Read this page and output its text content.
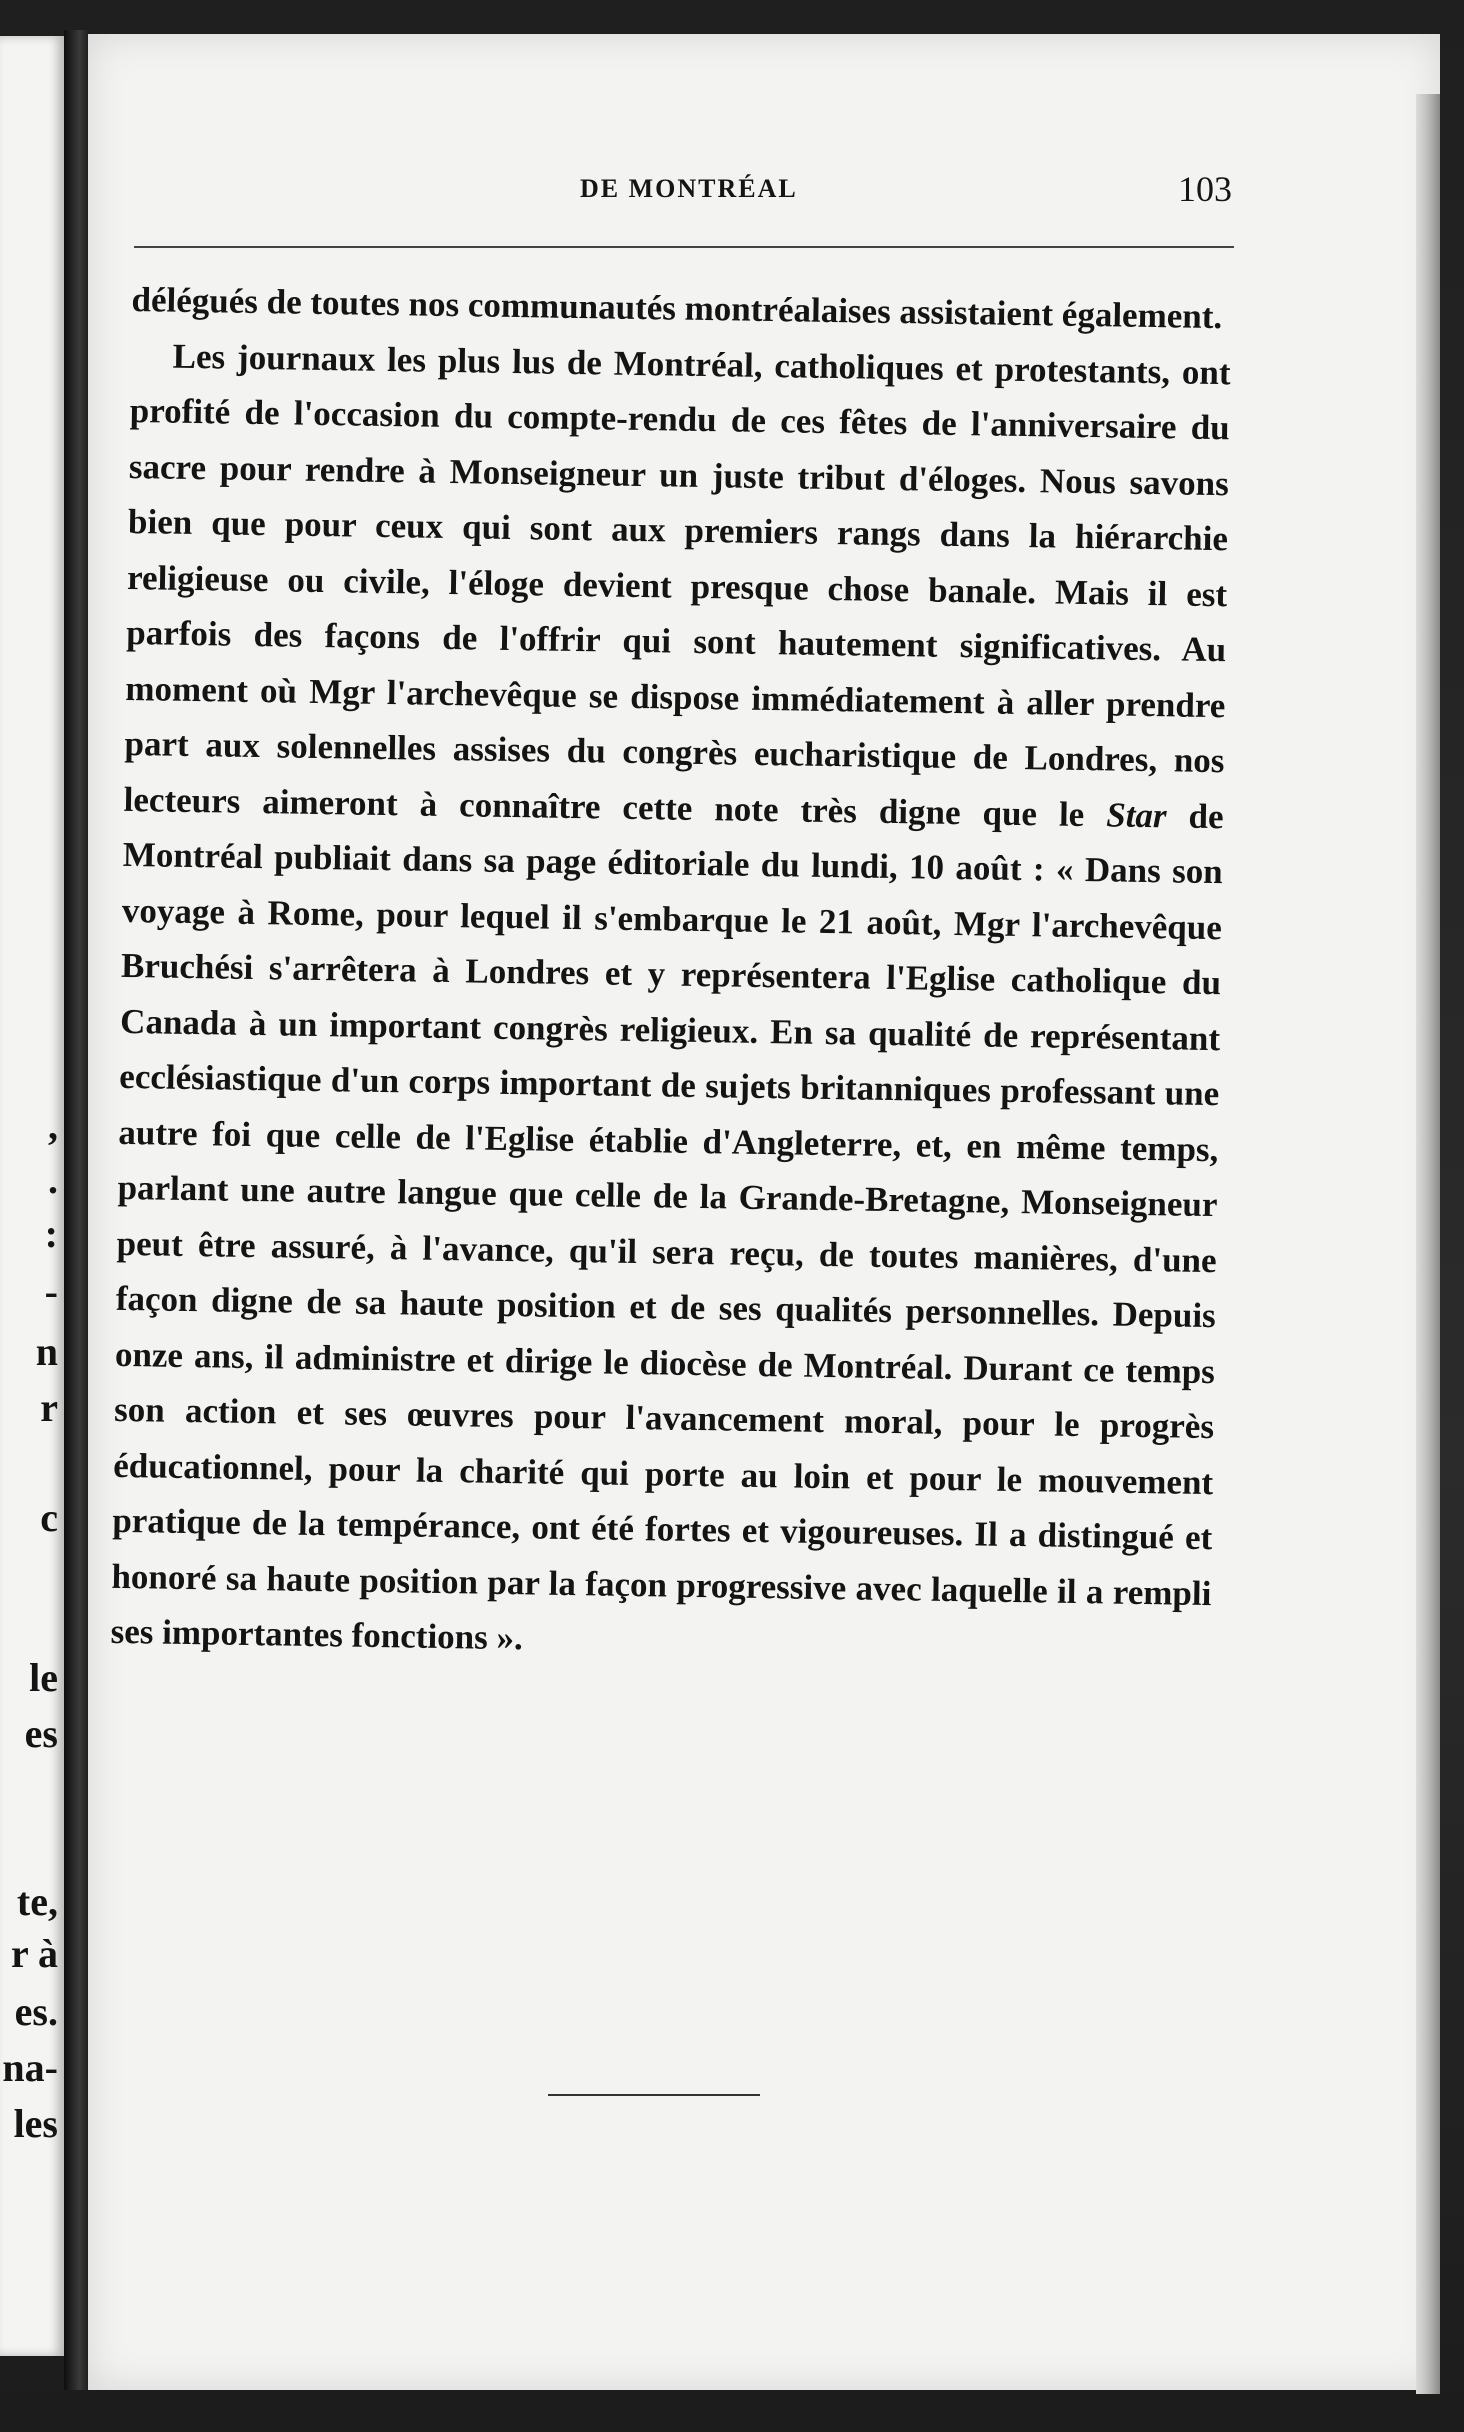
,
.
:
-
n
r
c
le
es
te,
r à
es.
na-
les
DE MONTRÉAL	103

délégués de toutes nos communautés montréalaises assistaient également.

Les journaux les plus lus de Montréal, catholiques et protestants, ont profité de l'occasion du compte-rendu de ces fêtes de l'anniversaire du sacre pour rendre à Monseigneur un juste tribut d'éloges. Nous savons bien que pour ceux qui sont aux premiers rangs dans la hiérarchie religieuse ou civile, l'éloge devient presque chose banale. Mais il est parfois des façons de l'offrir qui sont hautement significatives. Au moment où Mgr l'archevêque se dispose immédiatement à aller prendre part aux solennelles assises du congrès eucharistique de Londres, nos lecteurs aimeront à connaître cette note très digne que le Star de Montréal publiait dans sa page éditoriale du lundi, 10 août : « Dans son voyage à Rome, pour lequel il s'embarque le 21 août, Mgr l'archevêque Bruchési s'arrêtera à Londres et y représentera l'Eglise catholique du Canada à un important congrès religieux. En sa qualité de représentant ecclésiastique d'un corps important de sujets britanniques professant une autre foi que celle de l'Eglise établie d'Angleterre, et, en même temps, parlant une autre langue que celle de la Grande-Bretagne, Monseigneur peut être assuré, à l'avance, qu'il sera reçu, de toutes manières, d'une façon digne de sa haute position et de ses qualités personnelles. Depuis onze ans, il administre et dirige le diocèse de Montréal. Durant ce temps son action et ses œuvres pour l'avancement moral, pour le progrès éducationnel, pour la charité qui porte au loin et pour le mouvement pratique de la tempérance, ont été fortes et vigoureuses. Il a distingué et honoré sa haute position par la façon progressive avec laquelle il a rempli ses importantes fonctions ».
